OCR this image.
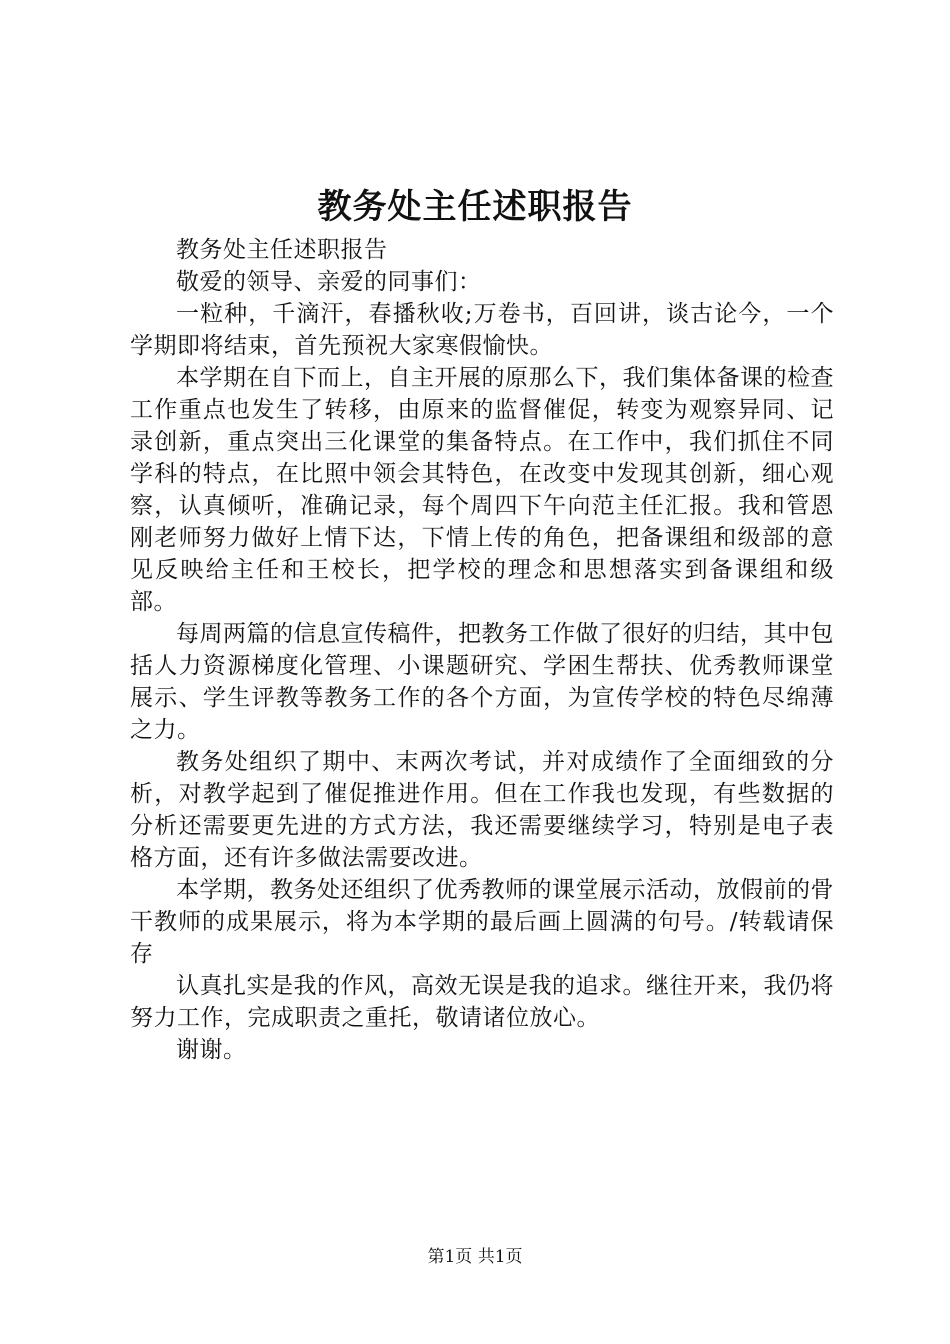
教务处主任述职报告

教务处主任述职报告

敬爱的领导、亲爱的同事们：

一粒种，千滴汗，春播秋收;万卷书，百回讲，谈古论今，一个学期即将结束，首先预祝大家寒假愉快。

本学期在自下而上，自主开展的原那么下，我们集体备课的检查工作重点也发生了转移，由原来的监督催促，转变为观察异同、记录创新，重点突出三化课堂的集备特点。在工作中，我们抓住不同学科的特点，在比照中领会其特色，在改变中发现其创新，细心观察，认真倾听，准确记录，每个周四下午向范主任汇报。我和管恩刚老师努力做好上情下达，下情上传的角色，把备课组和级部的意见反映给主任和王校长，把学校的理念和思想落实到备课组和级部。

每周两篇的信息宣传稿件，把教务工作做了很好的归结，其中包括人力资源梯度化管理、小课题研究、学困生帮扶、优秀教师课堂展示、学生评教等教务工作的各个方面，为宣传学校的特色尽绵薄之力。

教务处组织了期中、末两次考试，并对成绩作了全面细致的分析，对教学起到了催促推进作用。但在工作我也发现，有些数据的分析还需要更先进的方式方法，我还需要继续学习，特别是电子表格方面，还有许多做法需要改进。

本学期，教务处还组织了优秀教师的课堂展示活动，放假前的骨干教师的成果展示，将为本学期的最后画上圆满的句号。/转载请保存

认真扎实是我的作风，高效无误是我的追求。继往开来，我仍将努力工作，完成职责之重托，敬请诸位放心。

谢谢。

第1页 共1页
